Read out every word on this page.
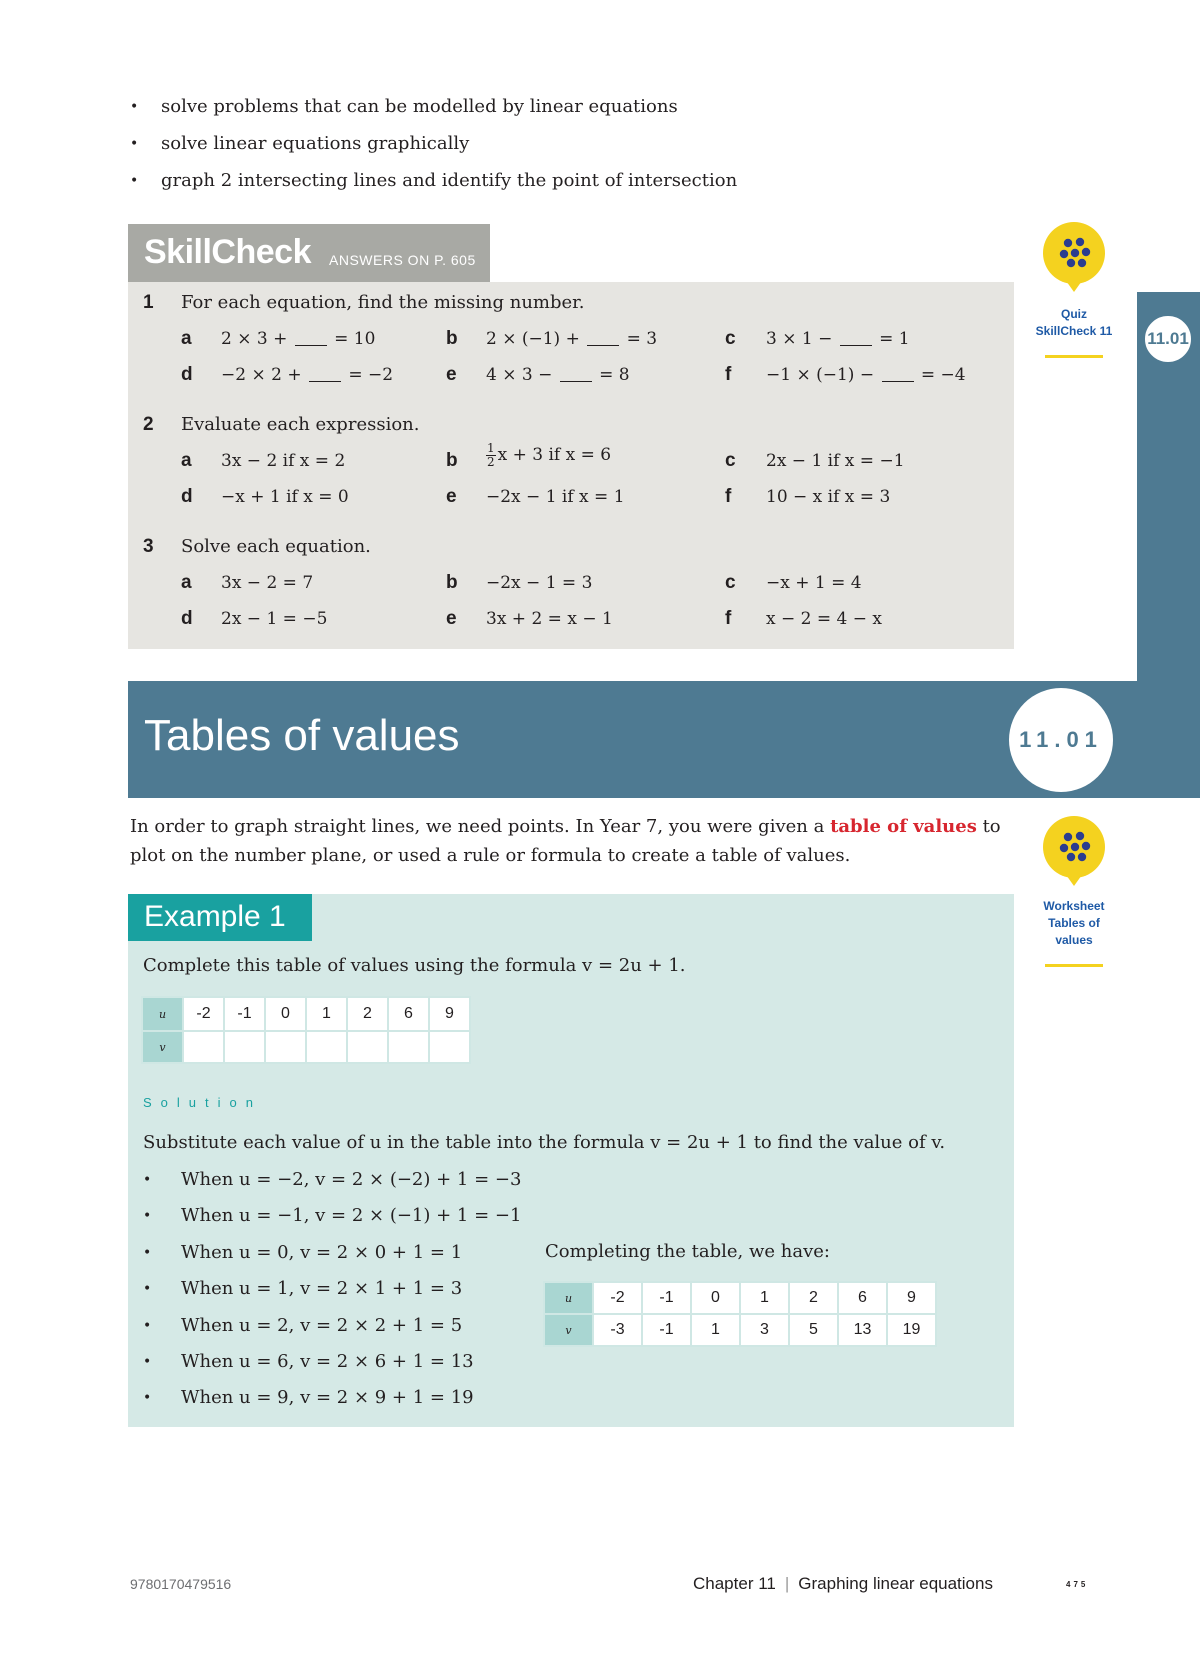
• solve problems that can be modelled by linear equations
• solve linear equations graphically
• graph 2 intersecting lines and identify the point of intersection
SkillCheck ANSWERS ON P. 605
1 For each equation, find the missing number.
a 2 × 3 +  = 10	b 2 × (−1) +  = 3	c 3 × 1 −  = 1
d −2 × 2 +  = −2	e 4 × 3 −  = 8	f −1 × (−1) −  = −4
2 Evaluate each expression.
a 3x − 2 if x = 2	b $\frac{1}{2}$ x + 3 if x = 6	c 2x − 1 if x = −1
d −x + 1 if x = 0	e −2x − 1 if x = 1	f 10 − x if x = 3
3 Solve each equation.
a 3x − 2 = 7	b −2x − 1 = 3	c −x + 1 = 4
d 2x − 1 = −5	e 3x + 2 = x − 1	f x − 2 = 4 − x
Quiz
SkillCheck 11	11.01
Tables of values	11.01
In order to graph straight lines, we need points. In Year 7, you were given a table of values to plot on the number plane, or used a rule or formula to create a table of values.
Worksheet
Tables of
values
Example 1
Complete this table of values using the formula v = 2u + 1.
u	-2	-1	0	1	2	6	9
v							
Solution
Substitute each value of u in the table into the formula v = 2u + 1 to find the value of v.
• When u = −2, v = 2 × (−2) + 1 = −3
• When u = −1, v = 2 × (−1) + 1 = −1
• When u = 0, v = 2 × 0 + 1 = 1
• When u = 1, v = 2 × 1 + 1 = 3
• When u = 2, v = 2 × 2 + 1 = 5
• When u = 6, v = 2 × 6 + 1 = 13
• When u = 9, v = 2 × 9 + 1 = 19
Completing the table, we have:
u	-2	-1	0	1	2	6	9
v	-3	-1	1	3	5	13	19
9780170479516	Chapter 11 | Graphing linear equations	475
